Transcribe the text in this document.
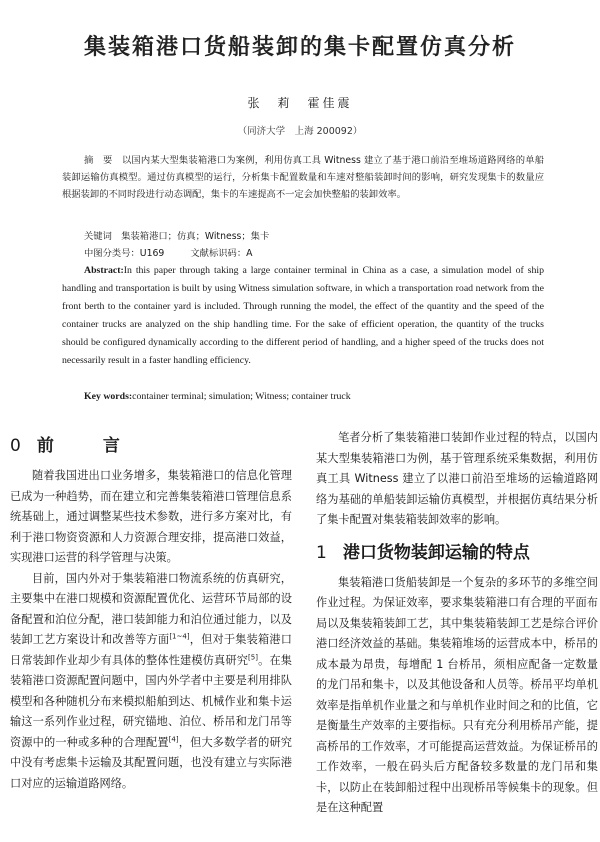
集装箱港口货船装卸的集卡配置仿真分析
张　莉　霍佳震
（同济大学　上海 200092）
摘　要　以国内某大型集装箱港口为案例，利用仿真工具 Witness 建立了基于港口前沿至堆场道路网络的单船装卸运输仿真模型。通过仿真模型的运行，分析集卡配置数量和车速对整船装卸时间的影响，研究发现集卡的数量应根据装卸的不同时段进行动态调配，集卡的车速提高不一定会加快整船的装卸效率。
关键词　集装箱港口；仿真；Witness；集卡
中图分类号：U169	文献标识码：A
Abstract:In this paper through taking a large container terminal in China as a case, a simulation model of ship handling and transportation is built by using Witness simulation software, in which a transportation road network from the front berth to the container yard is included. Through running the model, the effect of the quantity and the speed of the container trucks are analyzed on the ship handling time. For the sake of efficient operation, the quantity of the trucks should be configured dynamically according to the different period of handling, and a higher speed of the trucks does not necessarily result in a faster handling efficiency.
Key words:container terminal; simulation; Witness; container truck
0 前　言

随着我国进出口业务增多，集装箱港口的信息化管理已成为一种趋势，而在建立和完善集装箱港口管理信息系统基础上，通过调整某些技术参数，进行多方案对比，有利于港口物资资源和人力资源合理安排，提高港口效益，实现港口运营的科学管理与决策。

目前，国内外对于集装箱港口物流系统的仿真研究，主要集中在港口规模和资源配置优化、运营环节局部的设备配置和泊位分配，港口装卸能力和泊位通过能力，以及装卸工艺方案设计和改善等方面[1~4]，但对于集装箱港口日常装卸作业却少有具体的整体性建模仿真研究[5]。在集装箱港口资源配置问题中，国内外学者中主要是利用排队模型和各种随机分布来模拟船舶到达、机械作业和集卡运输这一系列作业过程，研究锚地、泊位、桥吊和龙门吊等资源中的一种或多种的合理配置[4]，但大多数学者的研究中没有考虑集卡运输及其配置问题，也没有建立与实际港口对应的运输道路网络。

笔者分析了集装箱港口装卸作业过程的特点，以国内某大型集装箱港口为例，基于管理系统采集数据，利用仿真工具 Witness 建立了以港口前沿至堆场的运输道路网络为基础的单船装卸运输仿真模型，并根据仿真结果分析了集卡配置对集装箱装卸效率的影响。

1 港口货物装卸运输的特点

集装箱港口货船装卸是一个复杂的多环节的多维空间作业过程。为保证效率，要求集装箱港口有合理的平面布局以及集装箱装卸工艺，其中集装箱装卸工艺是综合评价港口经济效益的基础。集装箱堆场的运营成本中，桥吊的成本最为昂贵，每增配 1 台桥吊，须相应配备一定数量的龙门吊和集卡，以及其他设备和人员等。桥吊平均单机效率是指单机作业量之和与单机作业时间之和的比值，它是衡量生产效率的主要指标。只有充分利用桥吊产能，提高桥吊的工作效率，才可能提高运营效益。为保证桥吊的工作效率，一般在码头后方配备较多数量的龙门吊和集卡，以防止在装卸船过程中出现桥吊等候集卡的现象。但是在这种配置
